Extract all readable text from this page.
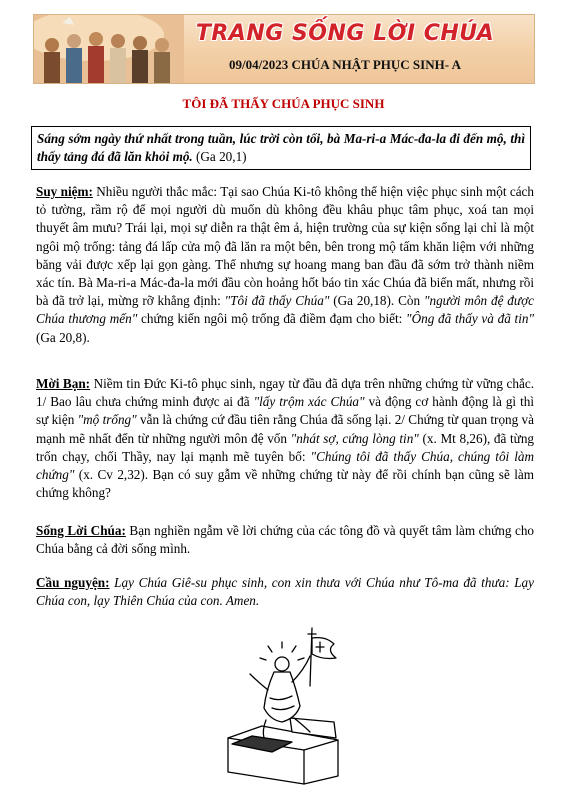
TRANG SỐNG LỜI CHÚA
09/04/2023 CHÚA NHẬT PHỤC SINH- A
TÔI ĐÃ THẤY CHÚA PHỤC SINH
Sáng sớm ngày thứ nhất trong tuần, lúc trời còn tối, bà Ma-ri-a Mác-đa-la đi đến mộ, thì thấy tảng đá đã lăn khỏi mộ. (Ga 20,1)
Suy niệm: Nhiều người thắc mắc: Tại sao Chúa Ki-tô không thể hiện việc phục sinh một cách tỏ tường, rầm rộ để mọi người dù muốn dù không đều khâu phục tâm phục, xoá tan mọi thuyết âm mưu? Trái lại, mọi sự diễn ra thật êm ả, hiện trường của sự kiện sống lại chỉ là một ngôi mộ trống: tảng đá lấp cửa mộ đã lăn ra một bên, bên trong mộ tấm khăn liệm với những băng vải được xếp lại gọn gàng. Thế nhưng sự hoang mang ban đầu đã sớm trở thành niềm xác tín. Bà Ma-ri-a Mác-đa-la mới đầu còn hoảng hốt báo tin xác Chúa đã biến mất, nhưng rồi bà đã trở lại, mừng rỡ khẳng định: "Tôi đã thấy Chúa" (Ga 20,18). Còn "người môn đệ được Chúa thương mến" chứng kiến ngôi mộ trống đã điềm đạm cho biết: "Ông đã thấy và đã tin" (Ga 20,8).
Mời Bạn: Niềm tin Đức Ki-tô phục sinh, ngay từ đầu đã dựa trên những chứng từ vững chắc. 1/ Bao lâu chưa chứng minh được ai đã "lấy trộm xác Chúa" và động cơ hành động là gì thì sự kiện "mộ trống" vẫn là chứng cứ đầu tiên rằng Chúa đã sống lại. 2/ Chứng từ quan trọng và mạnh mẽ nhất đến từ những người môn đệ vốn "nhát sợ, cứng lòng tin" (x. Mt 8,26), đã từng trốn chạy, chối Thầy, nay lại mạnh mẽ tuyên bố: "Chúng tôi đã thấy Chúa, chúng tôi làm chứng" (x. Cv 2,32). Bạn có suy gẫm về những chứng từ này để rồi chính bạn cũng sẽ làm chứng không?
Sống Lời Chúa: Bạn nghiền ngẫm về lời chứng của các tông đồ và quyết tâm làm chứng cho Chúa bằng cả đời sống mình.
Cầu nguyện: Lạy Chúa Giê-su phục sinh, con xin thưa với Chúa như Tô-ma đã thưa: Lạy Chúa con, lạy Thiên Chúa của con. Amen.
